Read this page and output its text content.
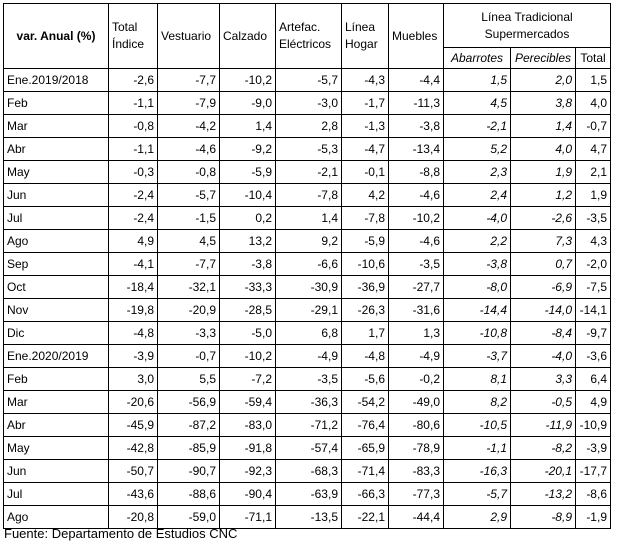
var. Anual (%)	Total Índice	Vestuario	Calzado	Artefac. Eléctricos	Línea Hogar	Muebles	Línea Tradicional Supermercados		
							Abarrotes	Perecibles	Total
Ene.2019/2018	-2,6	-7,7	-10,2	-5,7	-4,3	-4,4	1,5	2,0	1,5
Feb	-1,1	-7,9	-9,0	-3,0	-1,7	-11,3	4,5	3,8	4,0
Mar	-0,8	-4,2	1,4	2,8	-1,3	-3,8	-2,1	1,4	-0,7
Abr	-1,1	-4,6	-9,2	-5,3	-4,7	-13,4	5,2	4,0	4,7
May	-0,3	-0,8	-5,9	-2,1	-0,1	-8,8	2,3	1,9	2,1
Jun	-2,4	-5,7	-10,4	-7,8	4,2	-4,6	2,4	1,2	1,9
Jul	-2,4	-1,5	0,2	1,4	-7,8	-10,2	-4,0	-2,6	-3,5
Ago	4,9	4,5	13,2	9,2	-5,9	-4,6	2,2	7,3	4,3
Sep	-4,1	-7,7	-3,8	-6,6	-10,6	-3,5	-3,8	0,7	-2,0
Oct	-18,4	-32,1	-33,3	-30,9	-36,9	-27,7	-8,0	-6,9	-7,5
Nov	-19,8	-20,9	-28,5	-29,1	-26,3	-31,6	-14,4	-14,0	-14,1
Dic	-4,8	-3,3	-5,0	6,8	1,7	1,3	-10,8	-8,4	-9,7
Ene.2020/2019	-3,9	-0,7	-10,2	-4,9	-4,8	-4,9	-3,7	-4,0	-3,6
Feb	3,0	5,5	-7,2	-3,5	-5,6	-0,2	8,1	3,3	6,4
Mar	-20,6	-56,9	-59,4	-36,3	-54,2	-49,0	8,2	-0,5	4,9
Abr	-45,9	-87,2	-83,0	-71,2	-76,4	-80,6	-10,5	-11,9	-10,9
May	-42,8	-85,9	-91,8	-57,4	-65,9	-78,9	-1,1	-8,2	-3,9
Jun	-50,7	-90,7	-92,3	-68,3	-71,4	-83,3	-16,3	-20,1	-17,7
Jul	-43,6	-88,6	-90,4	-63,9	-66,3	-77,3	-5,7	-13,2	-8,6
Ago	-20,8	-59,0	-71,1	-13,5	-22,1	-44,4	2,9	-8,9	-1,9
Fuente: Departamento de Estudios CNC
